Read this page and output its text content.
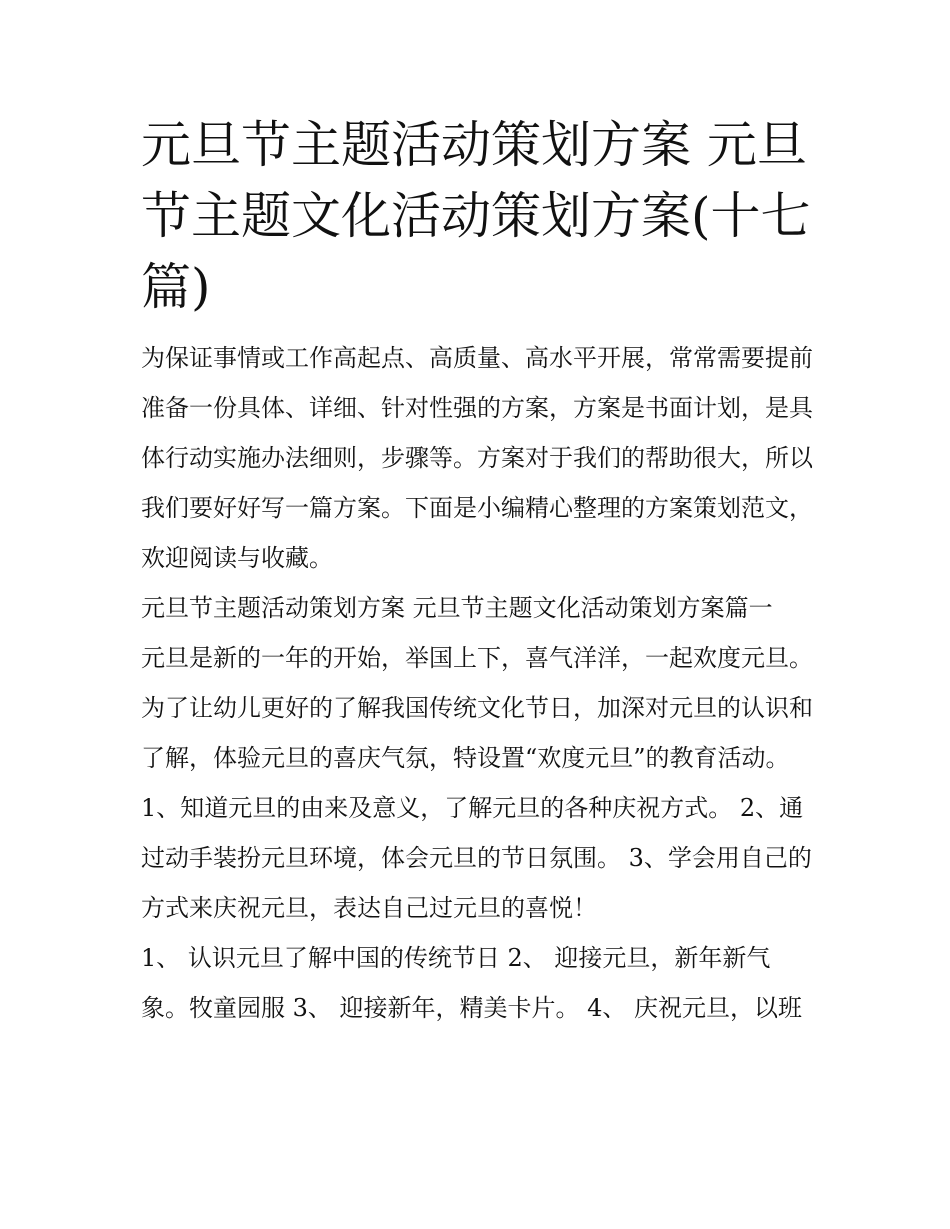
元旦节主题活动策划方案 元旦节主题文化活动策划方案(十七篇)

为保证事情或工作高起点、高质量、高水平开展，常常需要提前准备一份具体、详细、针对性强的方案，方案是书面计划，是具体行动实施办法细则，步骤等。方案对于我们的帮助很大，所以我们要好好写一篇方案。下面是小编精心整理的方案策划范文，欢迎阅读与收藏。

元旦节主题活动策划方案 元旦节主题文化活动策划方案篇一

元旦是新的一年的开始，举国上下，喜气洋洋，一起欢度元旦。为了让幼儿更好的了解我国传统文化节日，加深对元旦的认识和了解，体验元旦的喜庆气氛，特设置“欢度元旦”的教育活动。

1、知道元旦的由来及意义，了解元旦的各种庆祝方式。 2、通过动手装扮元旦环境，体会元旦的节日氛围。 3、学会用自己的方式来庆祝元旦，表达自己过元旦的喜悦！

1、 认识元旦了解中国的传统节日 2、 迎接元旦，新年新气象。牧童园服 3、 迎接新年，精美卡片。 4、 庆祝元旦，以班
